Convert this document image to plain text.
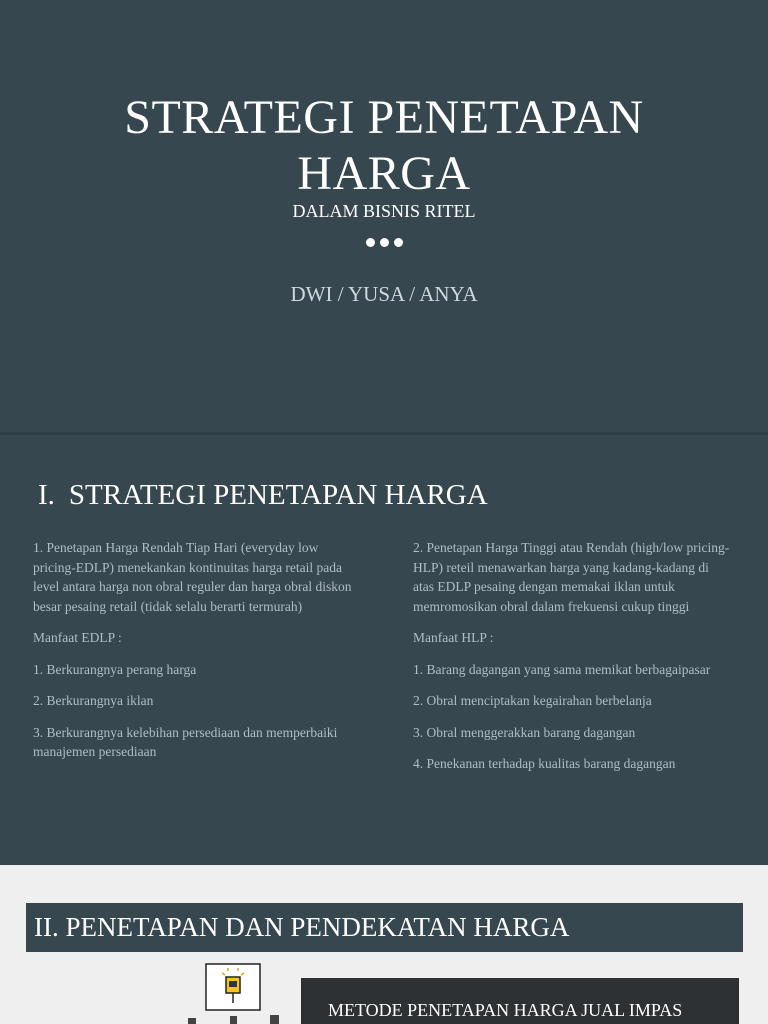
STRATEGI PENETAPAN
HARGA
DALAM BISNIS RITEL
DWI / YUSA / ANYA
I. STRATEGI PENETAPAN HARGA

1. Penetapan Harga Rendah Tiap Hari (everyday low pricing-EDLP) menekankan kontinuitas harga retail pada level antara harga non obral reguler dan harga obral diskon besar pesaing retail (tidak selalu berarti termurah)

Manfaat EDLP :

1. Berkurangnya perang harga

2. Berkurangnya iklan

3. Berkurangnya kelebihan persediaan dan memperbaiki manajemen persediaan

2. Penetapan Harga Tinggi atau Rendah (high/low pricing-HLP) reteil menawarkan harga yang kadang-kadang di atas EDLP pesaing dengan memakai iklan untuk memromosikan obral dalam frekuensi cukup tinggi

Manfaat HLP :

1. Barang dagangan yang sama memikat berbagaipasar

2. Obral menciptakan kegairahan berbelanja

3. Obral menggerakkan barang dagangan

4. Penekanan terhadap kualitas barang dagangan

II. PENETAPAN DAN PENDEKATAN HARGA
METODE PENETAPAN HARGA JUAL IMPAS
